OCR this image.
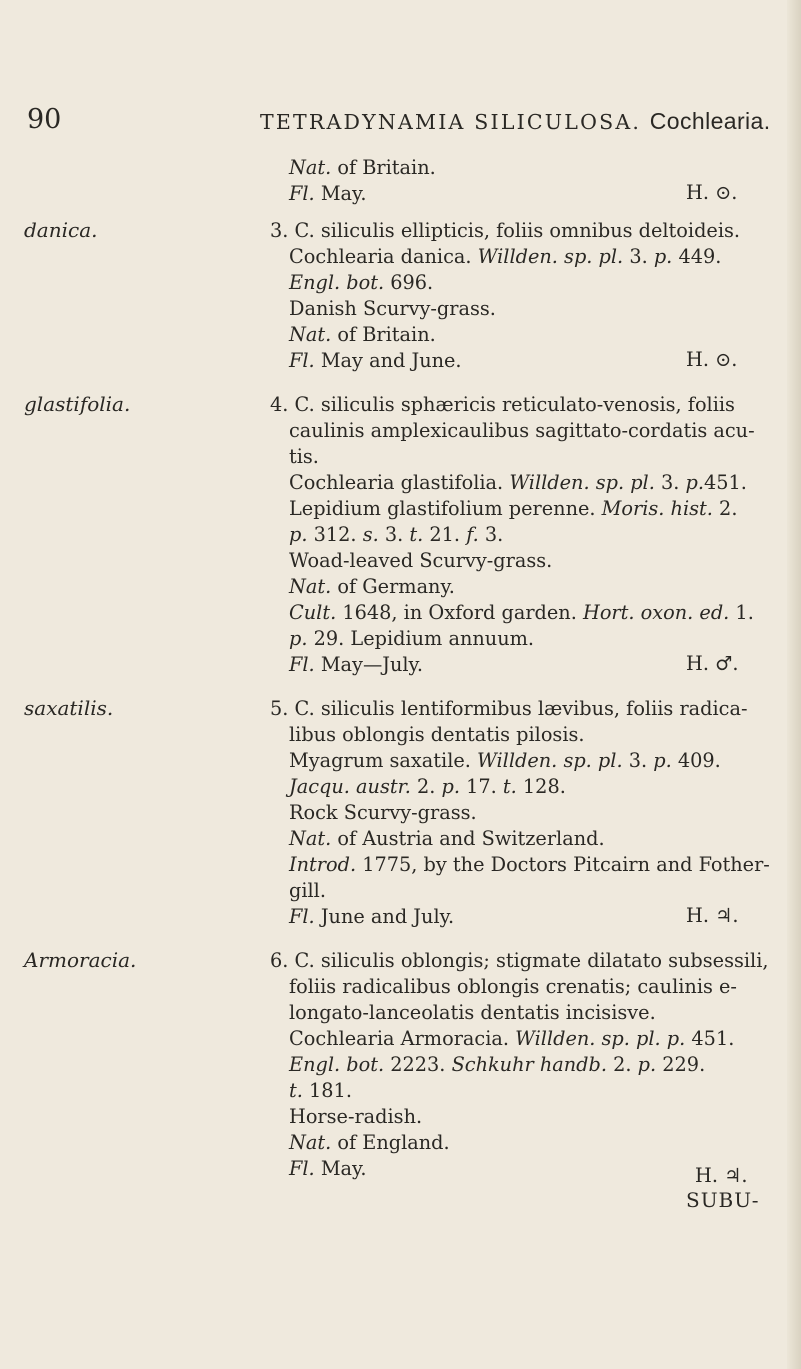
90	TETRADYNAMIA SILICULOSA. Cochlearia.
Nat. of Britain.
Fl. May.	H. ⊙.
danica.	3. C. siliculis ellipticis, foliis omnibus deltoideis.
Cochlearia danica. Willden. sp. pl. 3. p. 449.
Engl. bot. 696.
Danish Scurvy-grass.
Nat. of Britain.
Fl. May and June.	H. ⊙.
glastifolia.	4. C. siliculis sphæricis reticulato-venosis, foliis
caulinis amplexicaulibus sagittato-cordatis acu-
tis.
Cochlearia glastifolia. Willden. sp. pl. 3. p.451.
Lepidium glastifolium perenne. Moris. hist. 2.
p. 312. s. 3. t. 21. f. 3.
Woad-leaved Scurvy-grass.
Nat. of Germany.
Cult. 1648, in Oxford garden. Hort. oxon. ed. 1.
p. 29. Lepidium annuum.
Fl. May—July.	H. ♂.
saxatilis.	5. C. siliculis lentiformibus lævibus, foliis radica-
libus oblongis dentatis pilosis.
Myagrum saxatile. Willden. sp. pl. 3. p. 409.
Jacqu. austr. 2. p. 17. t. 128.
Rock Scurvy-grass.
Nat. of Austria and Switzerland.
Introd. 1775, by the Doctors Pitcairn and Fother-
gill.
Fl. June and July.	H. ♃.
Armoracia.	6. C. siliculis oblongis; stigmate dilatato subsessili,
foliis radicalibus oblongis crenatis; caulinis e-
longato-lanceolatis dentatis incisisve.
Cochlearia Armoracia. Willden. sp. pl. p. 451.
Engl. bot. 2223. Schkuhr handb. 2. p. 229.
t. 181.
Horse-radish.
Nat. of England.
Fl. May.	H. ♃.
SUBU-
